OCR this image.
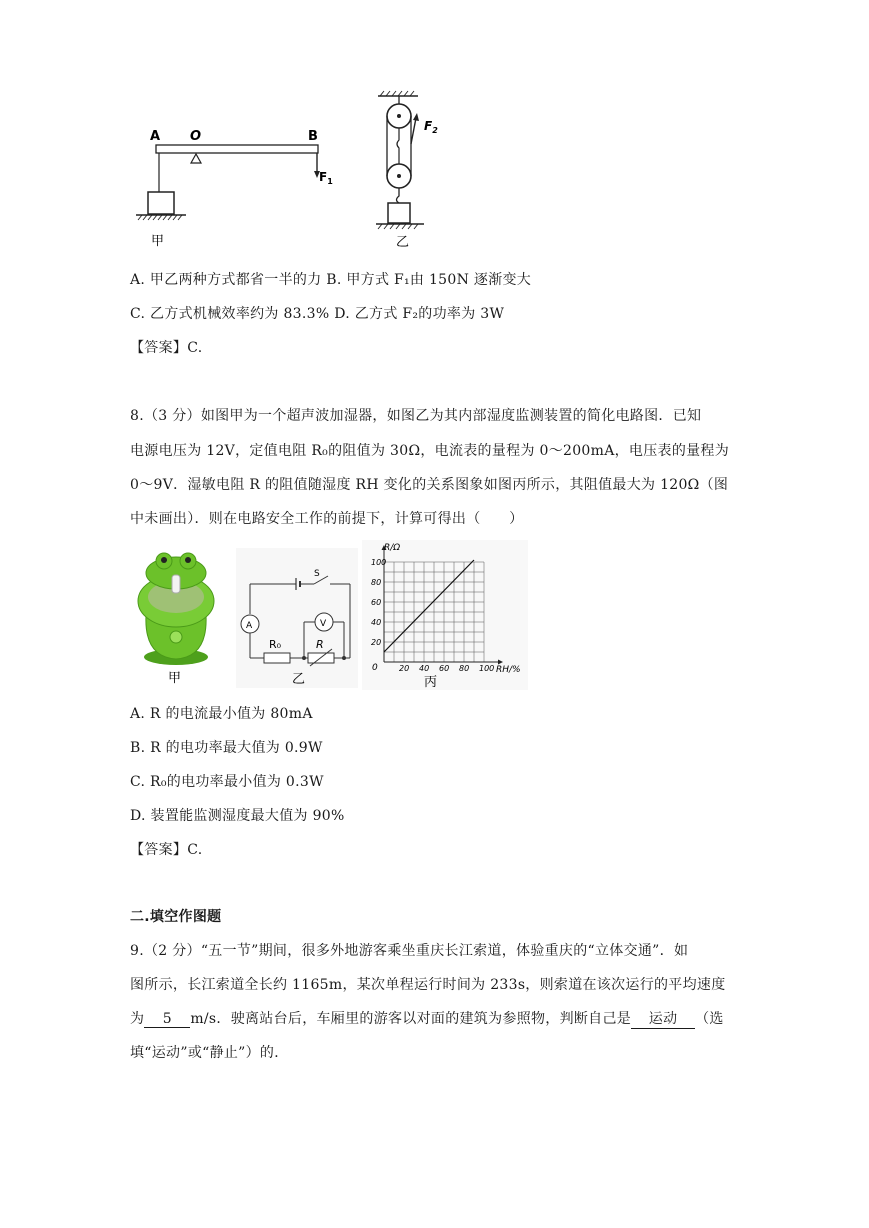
A O	B
$F_1$
甲
$F_2$
乙
A. 甲乙两种方式都省一半的力 B. 甲方式 F₁由 150N 逐渐变大
C. 乙方式机械效率约为 83.3% D. 乙方式 F₂的功率为 3W
【答案】C.
8.（3 分）如图甲为一个超声波加湿器，如图乙为其内部湿度监测装置的简化电路图．已知
电源电压为 12V，定值电阻 R₀的阻值为 30Ω，电流表的量程为 0～200mA，电压表的量程为
0～9V．湿敏电阻 R 的阻值随湿度 RH 变化的关系图象如图丙所示，其阻值最大为 120Ω（图
中未画出）．则在电路安全工作的前提下，计算可得出（　　）
甲
S
A
R₀	R
V
乙
20 40 60 80 100
20
40
60
80
100
R/Ω
RH/%
0
丙
A. R 的电流最小值为 80mA
B. R 的电功率最大值为 0.9W
C. R₀的电功率最小值为 0.3W
D. 装置能监测湿度最大值为 90%
【答案】C.
二.填空作图题
9.（2 分）“五一节”期间，很多外地游客乘坐重庆长江索道，体验重庆的“立体交通”．如
图所示，长江索道全长约 1165m，某次单程运行时间为 233s，则索道在该次运行的平均速度
为 5 m/s．驶离站台后，车厢里的游客以对面的建筑为参照物，判断自己是 运动 （选
填“运动”或“静止”）的．
